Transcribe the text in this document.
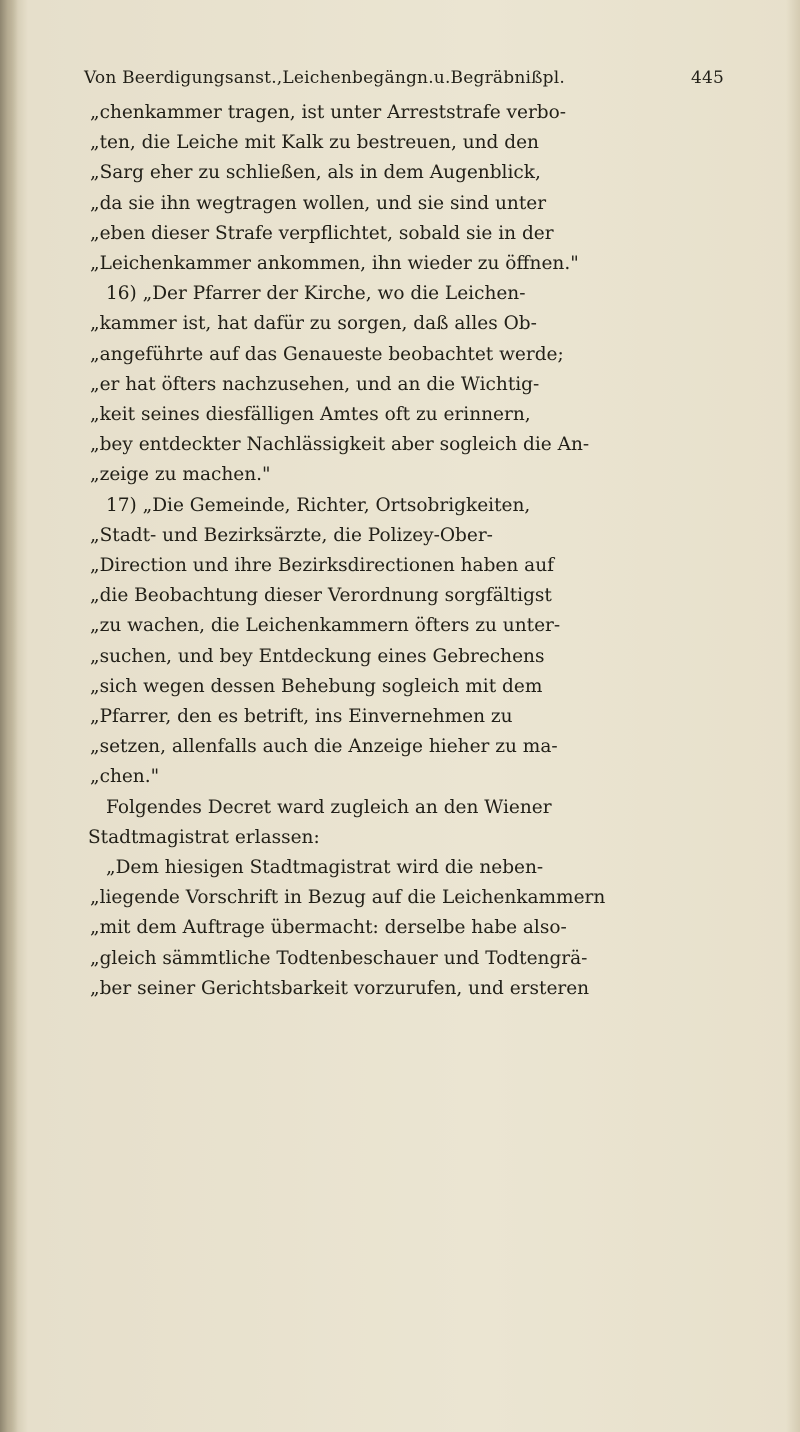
Von Beerdigungsanst.,Leichenbegängn.u.Begräbnißpl.	445
„chenkammer tragen, ist unter Arreststrafe verbo-
„ten, die Leiche mit Kalk zu bestreuen, und den
„Sarg eher zu schließen, als in dem Augenblick,
„da sie ihn wegtragen wollen, und sie sind unter
„eben dieser Strafe verpflichtet, sobald sie in der
„Leichenkammer ankommen, ihn wieder zu öffnen."
16) „Der Pfarrer der Kirche, wo die Leichen-
„kammer ist, hat dafür zu sorgen, daß alles Ob-
„angeführte auf das Genaueste beobachtet werde;
„er hat öfters nachzusehen, und an die Wichtig-
„keit seines diesfälligen Amtes oft zu erinnern,
„bey entdeckter Nachlässigkeit aber sogleich die An-
„zeige zu machen."
17) „Die Gemeinde, Richter, Ortsobrigkeiten,
„Stadt- und Bezirksärzte, die Polizey-Ober-
„Direction und ihre Bezirksdirectionen haben auf
„die Beobachtung dieser Verordnung sorgfältigst
„zu wachen, die Leichenkammern öfters zu unter-
„suchen, und bey Entdeckung eines Gebrechens
„sich wegen dessen Behebung sogleich mit dem
„Pfarrer, den es betrift, ins Einvernehmen zu
„setzen, allenfalls auch die Anzeige hieher zu ma-
„chen."
Folgendes Decret ward zugleich an den Wiener
Stadtmagistrat erlassen:
„Dem hiesigen Stadtmagistrat wird die neben-
„liegende Vorschrift in Bezug auf die Leichenkammern
„mit dem Auftrage übermacht: derselbe habe also-
„gleich sämmtliche Todtenbeschauer und Todtengrä-
„ber seiner Gerichtsbarkeit vorzurufen, und ersteren
